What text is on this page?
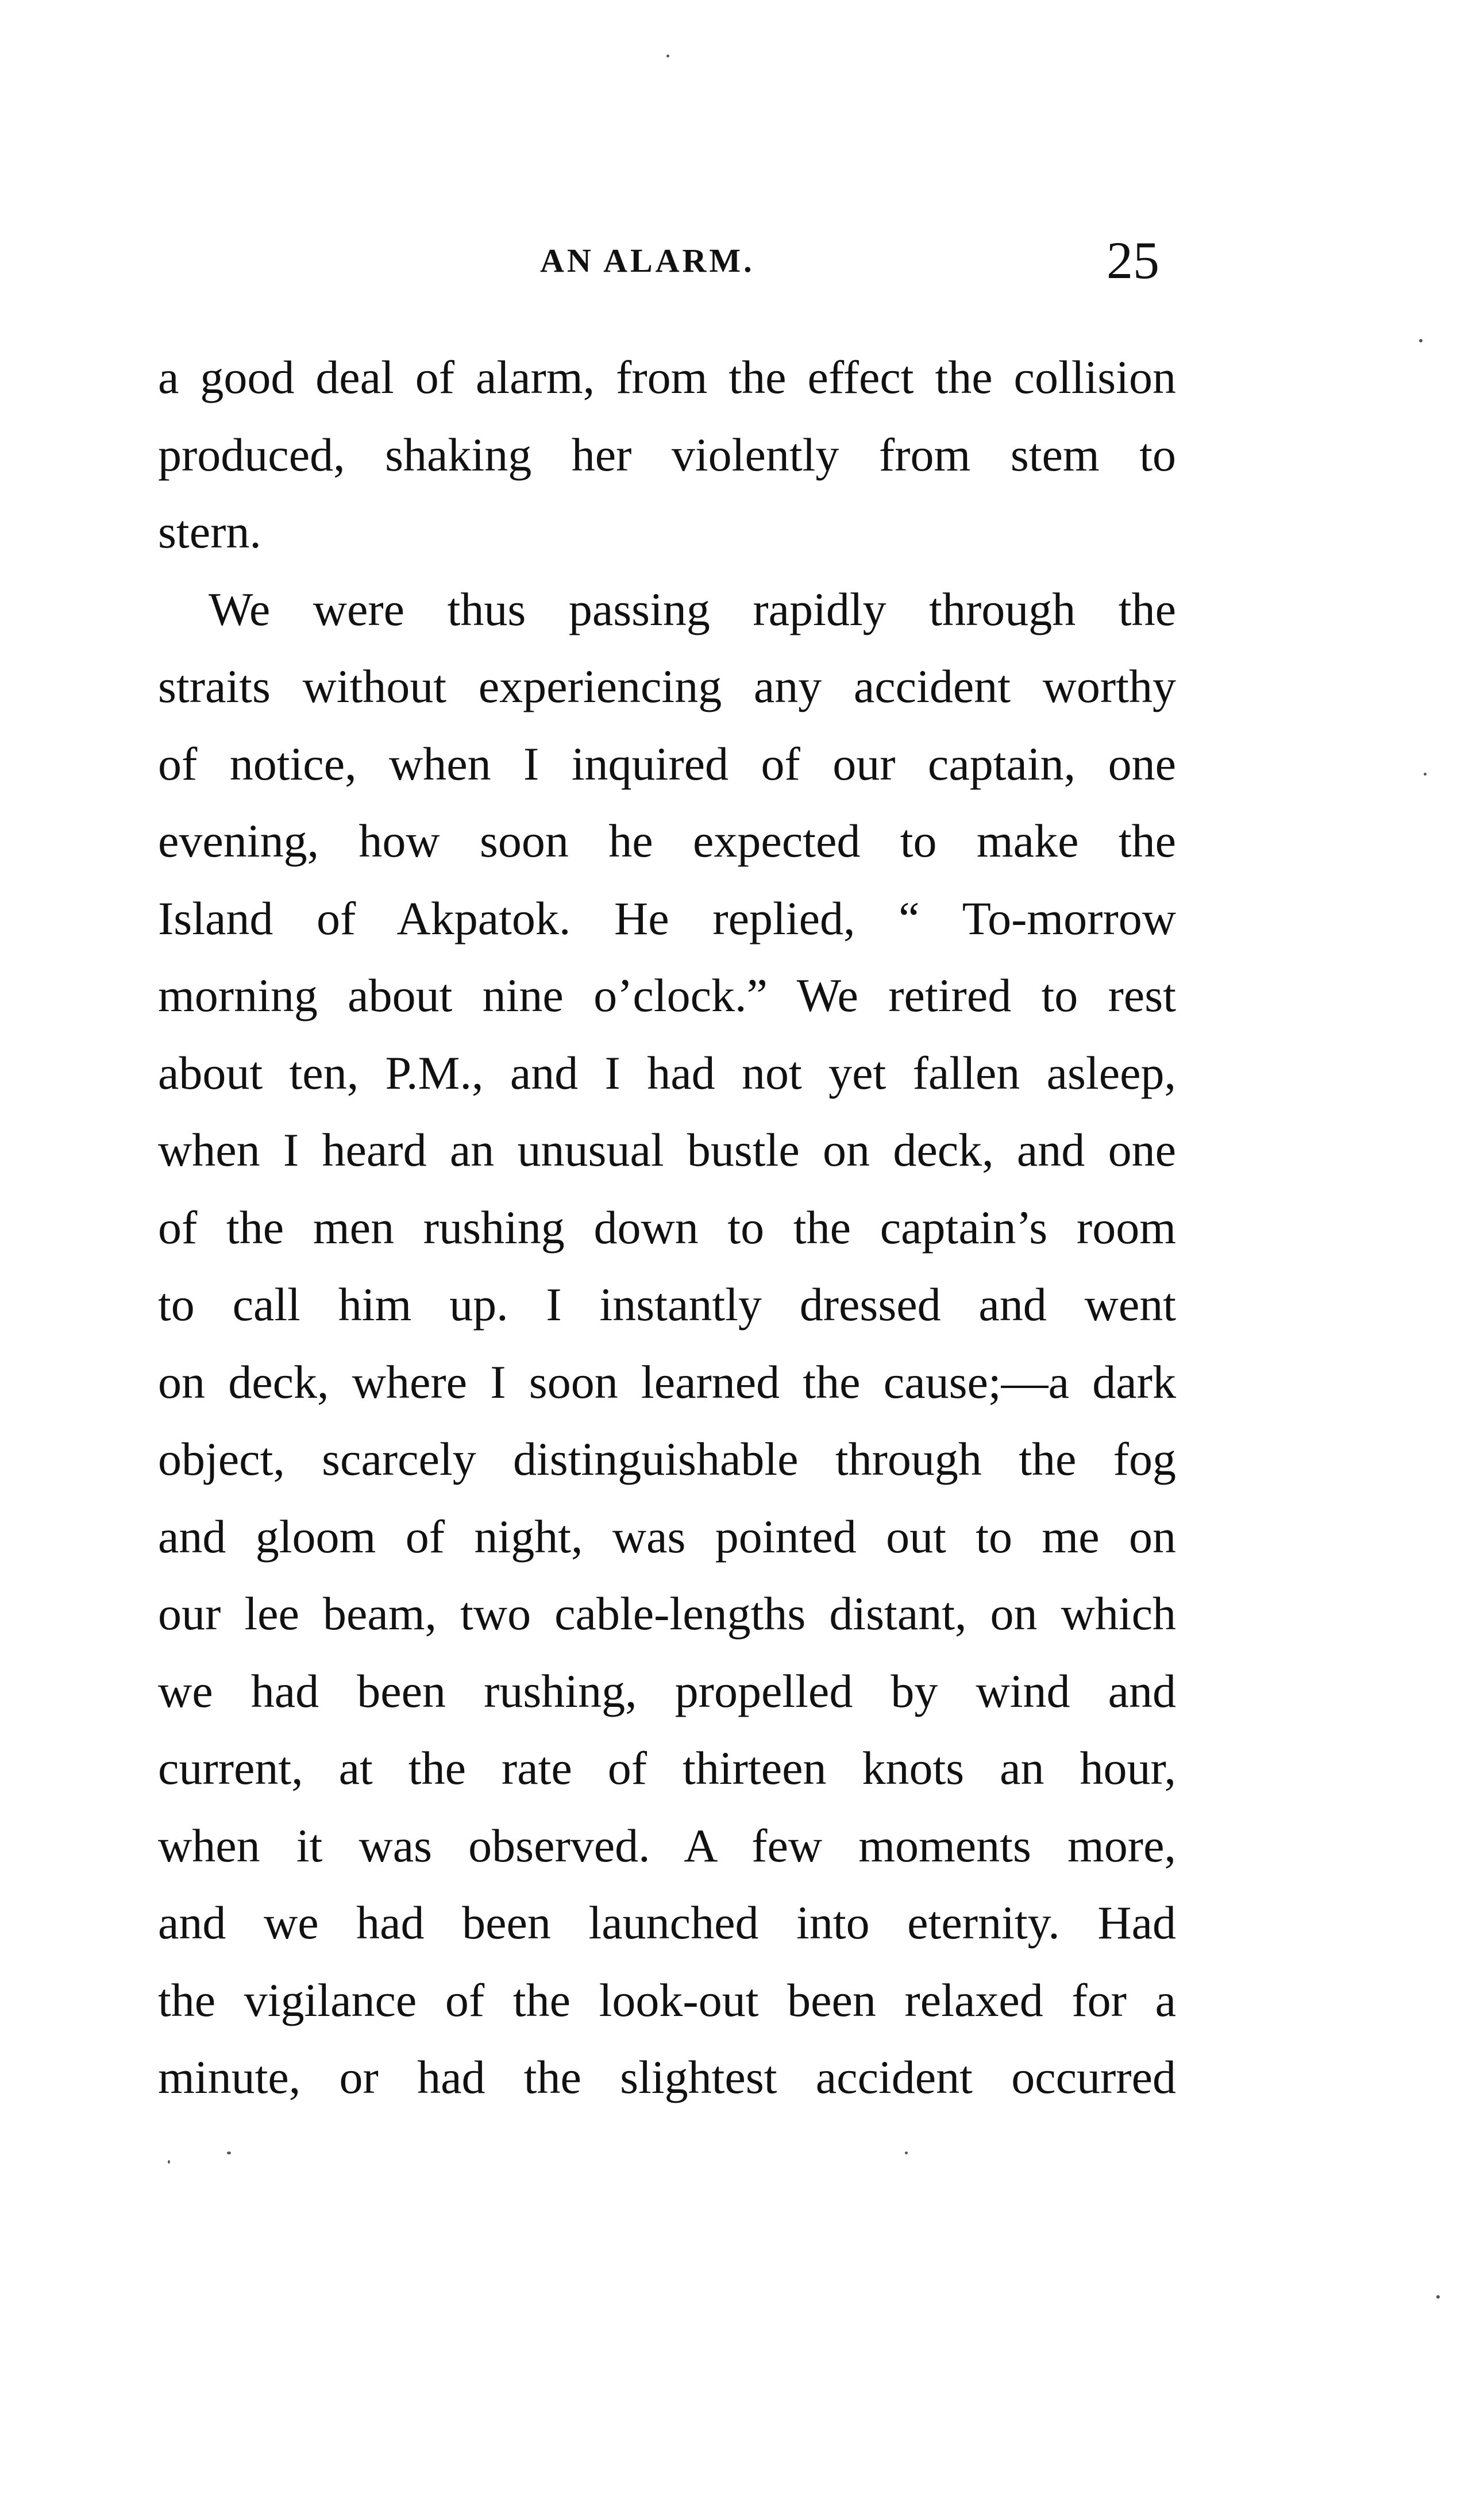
AN ALARM.	25
a good deal of alarm, from the effect the collision
produced, shaking her violently from stem to
stern.
We were thus passing rapidly through the
straits without experiencing any accident worthy
of notice, when I inquired of our captain, one
evening, how soon he expected to make the
Island of Akpatok. He replied, “ To-morrow
morning about nine o’clock.” We retired to rest
about ten, P.M., and I had not yet fallen asleep,
when I heard an unusual bustle on deck, and one
of the men rushing down to the captain’s room
to call him up. I instantly dressed and went
on deck, where I soon learned the cause;—a dark
object, scarcely distinguishable through the fog
and gloom of night, was pointed out to me on
our lee beam, two cable-lengths distant, on which
we had been rushing, propelled by wind and
current, at the rate of thirteen knots an hour,
when it was observed. A few moments more,
and we had been launched into eternity. Had
the vigilance of the look-out been relaxed for a
minute, or had the slightest accident occurred
